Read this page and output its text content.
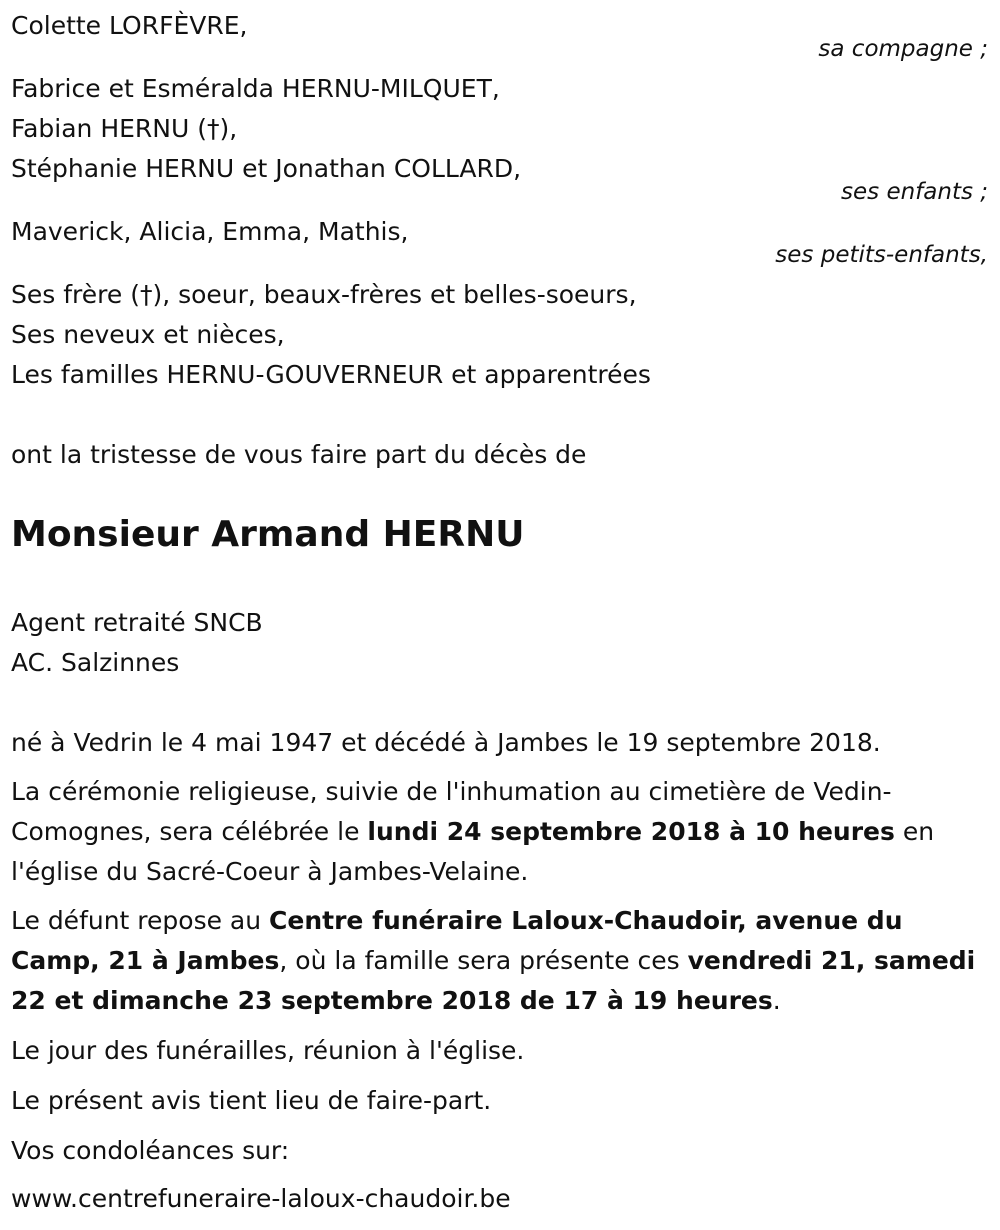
Colette LORFÈVRE,
sa compagne ;
Fabrice et Esméralda HERNU-MILQUET,
Fabian HERNU (†),
Stéphanie HERNU et Jonathan COLLARD,
ses enfants ;
Maverick, Alicia, Emma, Mathis,
ses petits-enfants,
Ses frère (†), soeur, beaux-frères et belles-soeurs,
Ses neveux et nièces,
Les familles HERNU-GOUVERNEUR et apparentrées
ont la tristesse de vous faire part du décès de
Monsieur Armand HERNU
Agent retraité SNCB
AC. Salzinnes
né à Vedrin le 4 mai 1947 et décédé à Jambes le 19 septembre 2018.
La cérémonie religieuse, suivie de l'inhumation au cimetière de Vedin-Comognes, sera célébrée le lundi 24 septembre 2018 à 10 heures en l'église du Sacré-Coeur à Jambes-Velaine.
Le défunt repose au Centre funéraire Laloux-Chaudoir, avenue du Camp, 21 à Jambes, où la famille sera présente ces vendredi 21, samedi 22 et dimanche 23 septembre 2018 de 17 à 19 heures.
Le jour des funérailles, réunion à l'église.
Le présent avis tient lieu de faire-part.
Vos condoléances sur:
www.centrefuneraire-laloux-chaudoir.be
